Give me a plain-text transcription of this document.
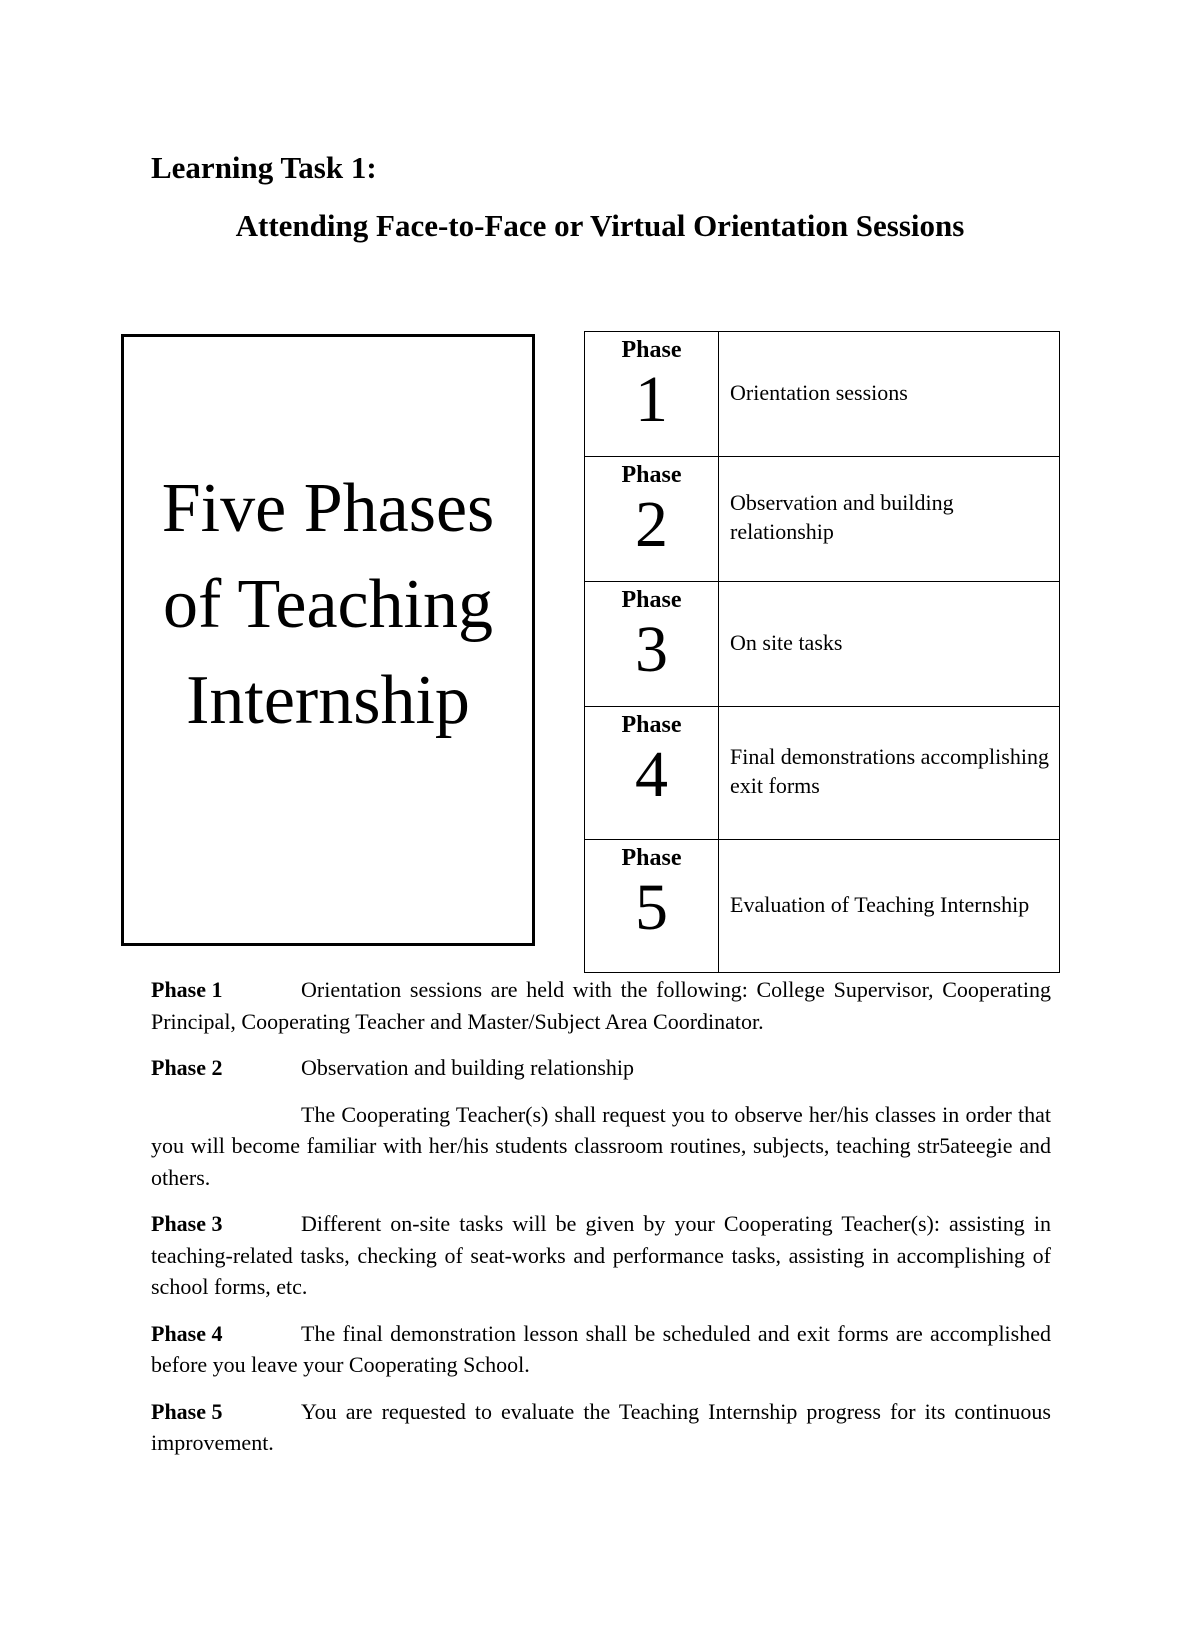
Learning Task 1:
Attending Face-to-Face or Virtual Orientation Sessions

Five Phases
of Teaching
Internship

Phase
1	Orientation sessions

Phase
2	Observation and building relationship

Phase
3	On site tasks

Phase
4	Final demonstrations accomplishing exit forms

Phase
5	Evaluation of Teaching Internship

Phase 1	Orientation sessions are held with the following: College Supervisor, Cooperating Principal, Cooperating Teacher and Master/Subject Area Coordinator.

Phase 2	Observation and building relationship

The Cooperating Teacher(s) shall request you to observe her/his classes in order that you will become familiar with her/his students classroom routines, subjects, teaching str5ateegie and others.

Phase 3	Different on-site tasks will be given by your Cooperating Teacher(s): assisting in teaching-related tasks, checking of seat-works and performance tasks, assisting in accomplishing of school forms, etc.

Phase 4	The final demonstration lesson shall be scheduled and exit forms are accomplished before you leave your Cooperating School.

Phase 5	You are requested to evaluate the Teaching Internship progress for its continuous improvement.
